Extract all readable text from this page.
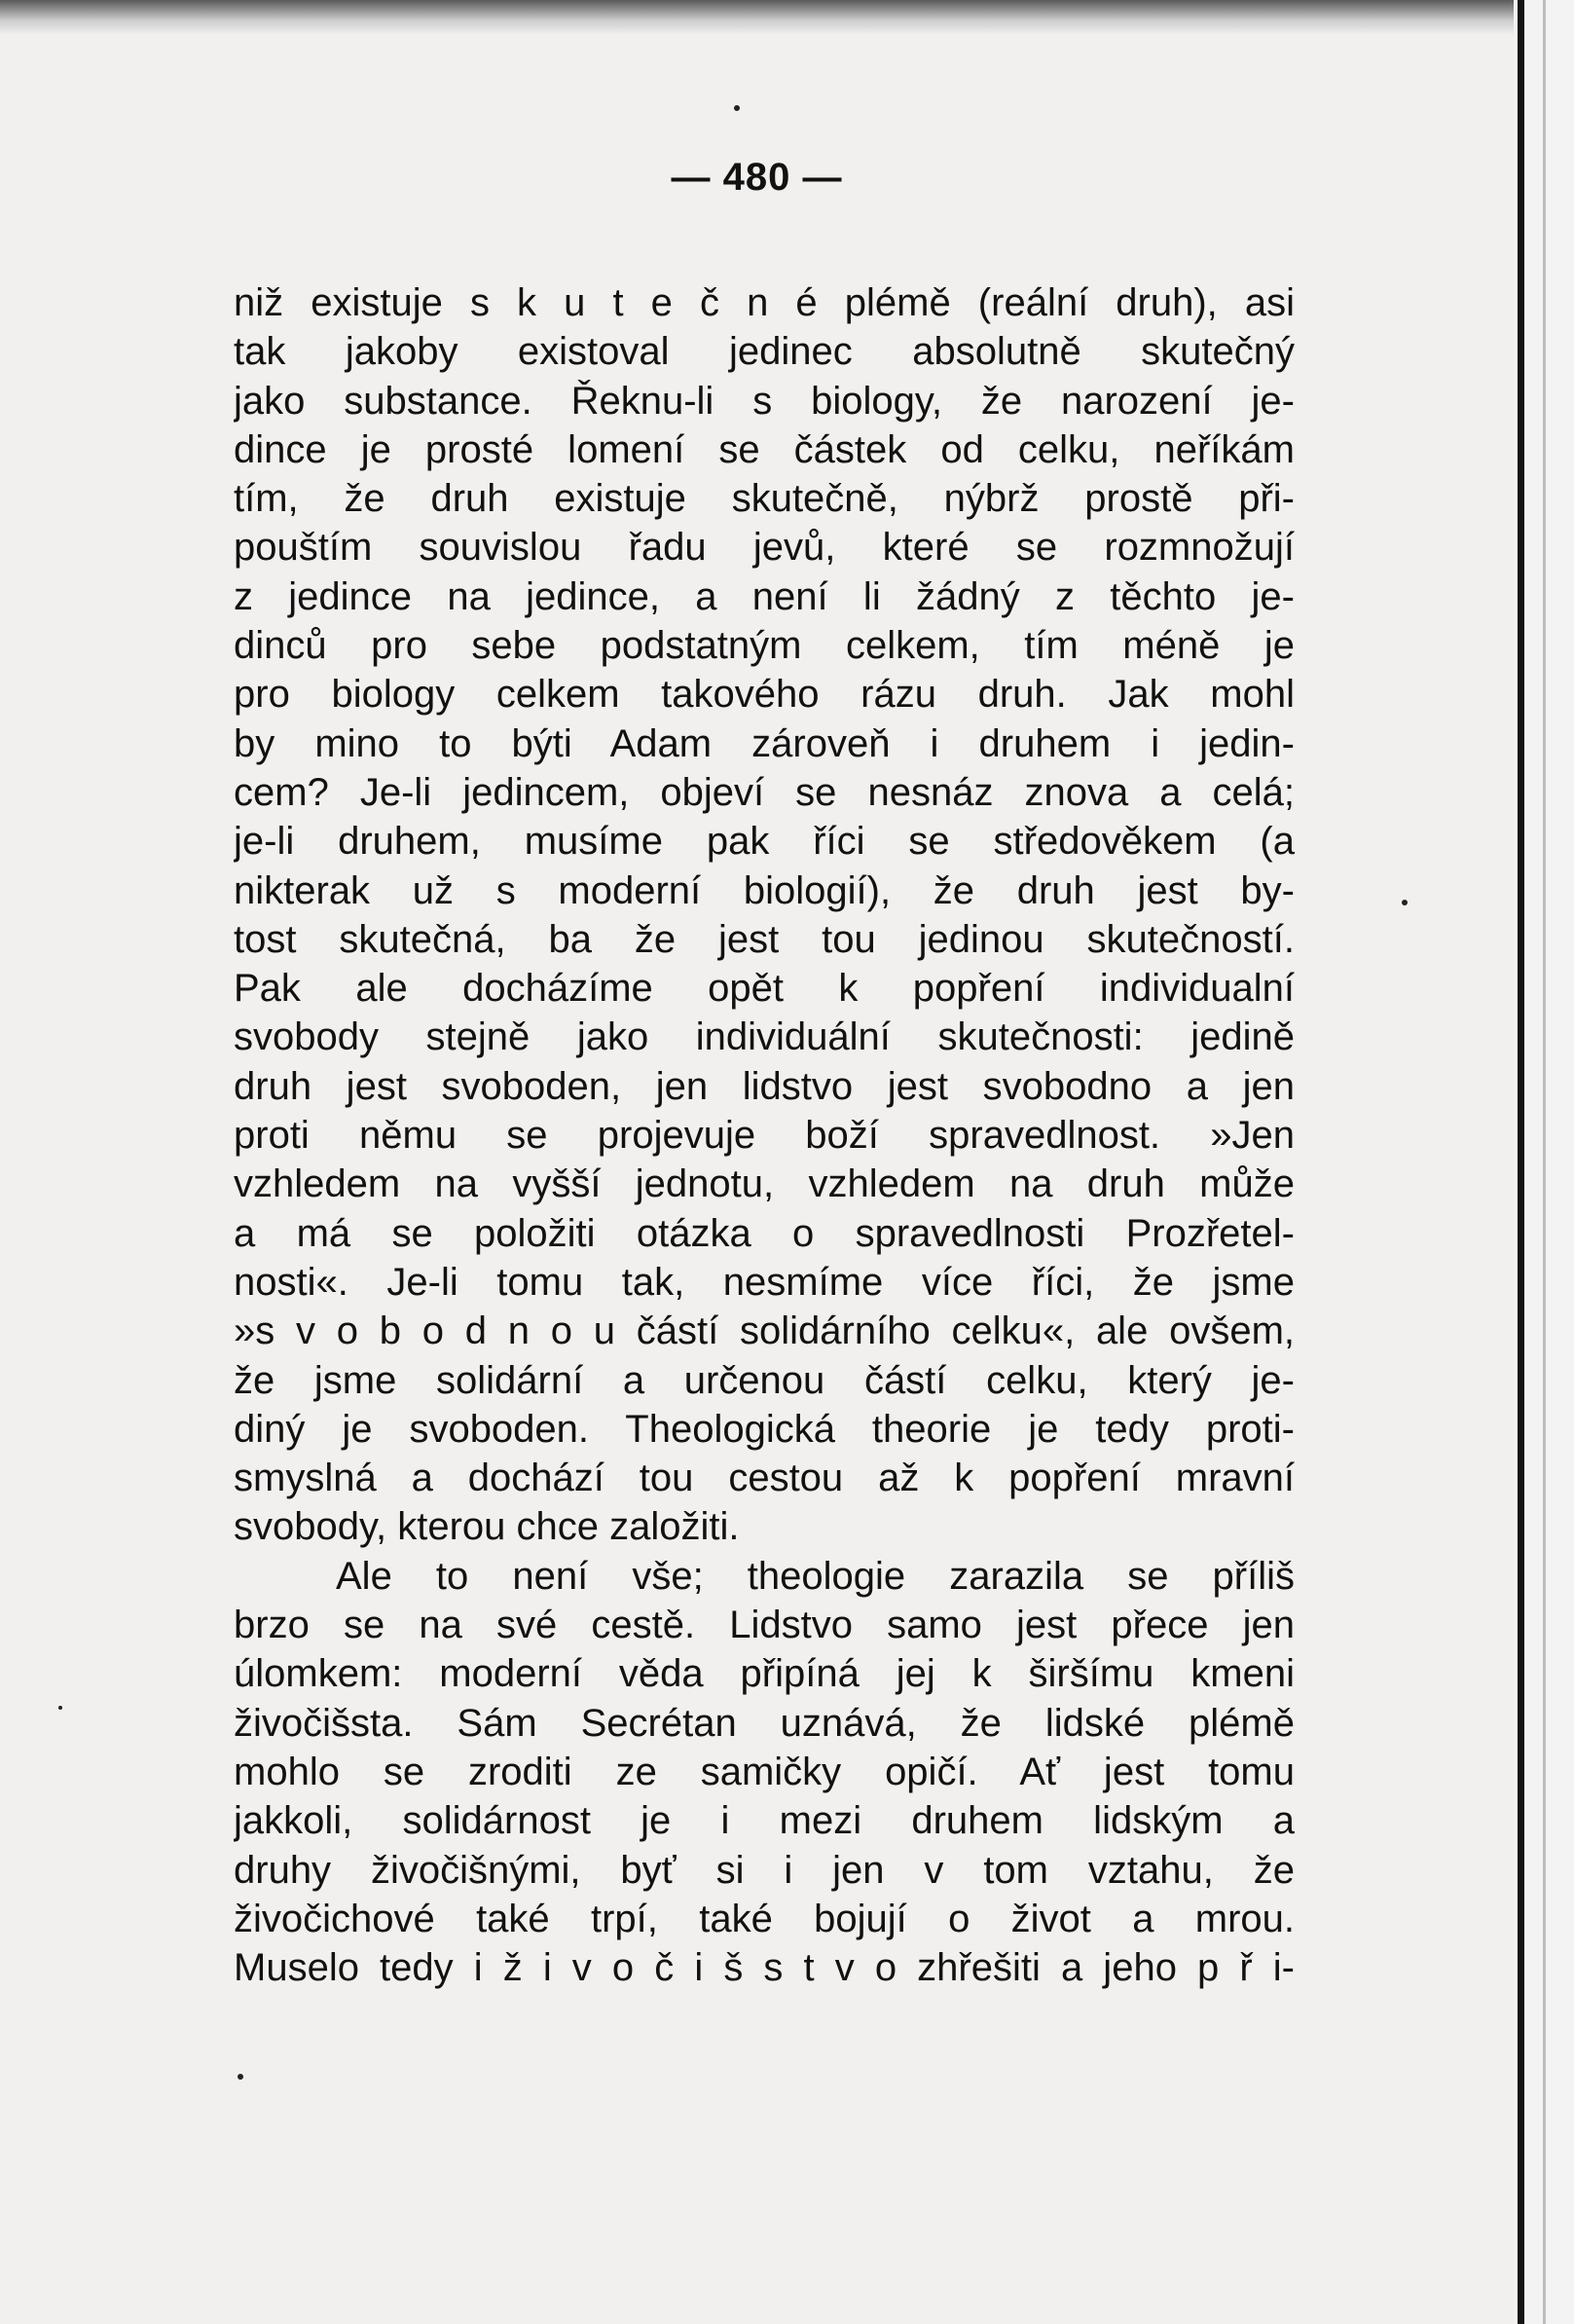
— 480 —
niž existuje s k u t e č n é plémě (reální druh), asi
tak jakoby existoval jedinec absolutně skutečný
jako substance. Řeknu-li s biology, že narození je-
dince je prosté lomení se částek od celku, neříkám
tím, že druh existuje skutečně, nýbrž prostě při-
pouštím souvislou řadu jevů, které se rozmnožují
z jedince na jedince, a není li žádný z těchto je-
dinců pro sebe podstatným celkem, tím méně je
pro biology celkem takového rázu druh. Jak mohl
by mino to býti Adam zároveň i druhem i jedin-
cem? Je-li jedincem, objeví se nesnáz znova a celá;
je-li druhem, musíme pak říci se středověkem (a
nikterak už s moderní biologií), že druh jest by-
tost skutečná, ba že jest tou jedinou skutečností.
Pak ale docházíme opět k popření individualní
svobody stejně jako individuální skutečnosti: jedině
druh jest svoboden, jen lidstvo jest svobodno a jen
proti němu se projevuje boží spravedlnost. »Jen
vzhledem na vyšší jednotu, vzhledem na druh může
a má se položiti otázka o spravedlnosti Prozřetel-
nosti«. Je-li tomu tak, nesmíme více říci, že jsme
»s v o b o d n o u částí solidárního celku«, ale ovšem,
že jsme solidární a určenou částí celku, který je-
diný je svoboden. Theologická theorie je tedy proti-
smyslná a dochází tou cestou až k popření mravní
svobody, kterou chce založiti.
Ale to není vše; theologie zarazila se příliš
brzo se na své cestě. Lidstvo samo jest přece jen
úlomkem: moderní věda připíná jej k širšímu kmeni
živočišsta. Sám Secrétan uznává, že lidské plémě
mohlo se zroditi ze samičky opičí. Ať jest tomu
jakkoli, solidárnost je i mezi druhem lidským a
druhy živočišnými, byť si i jen v tom vztahu, že
živočichové také trpí, také bojují o život a mrou.
Muselo tedy i ž i v o č i š s t v o zhřešiti a jeho p ř i-
